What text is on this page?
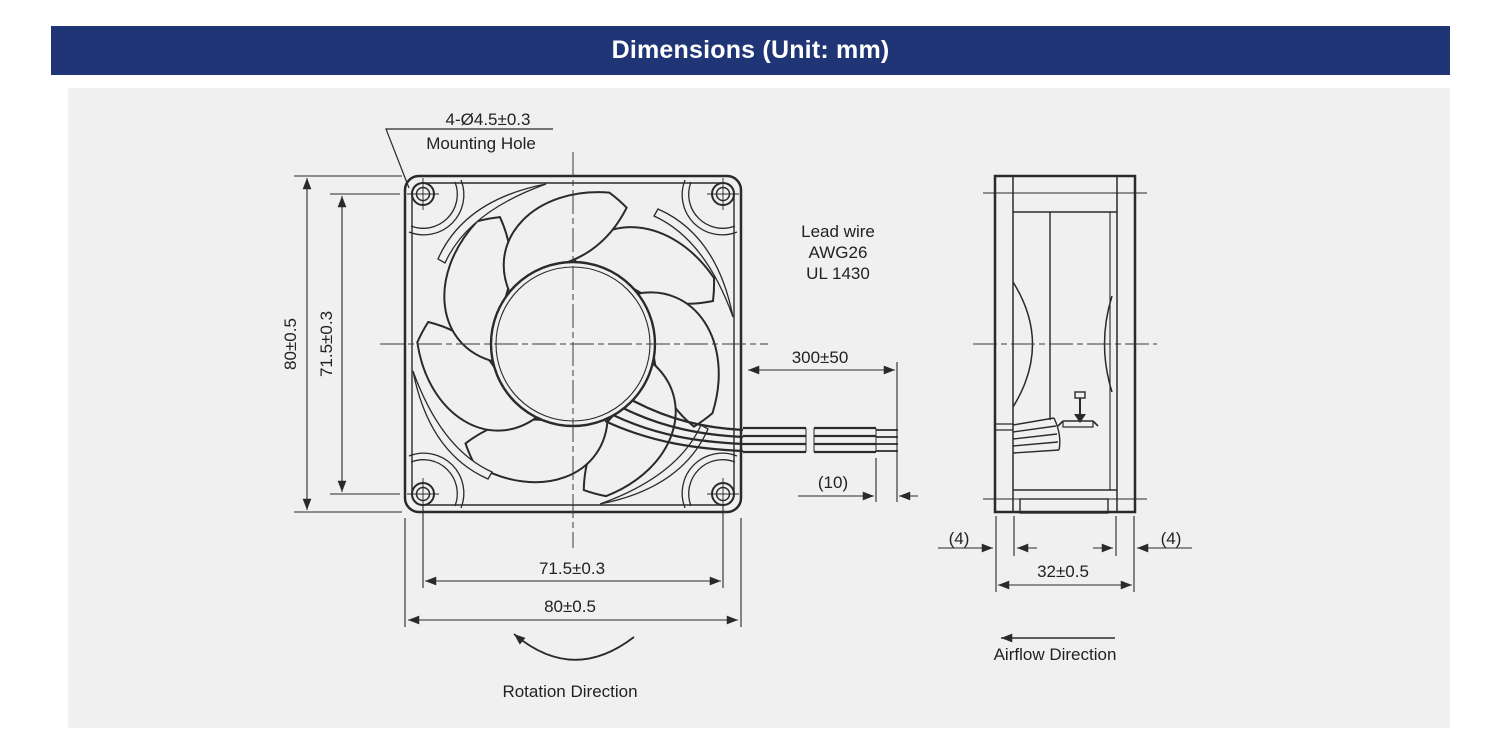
Dimensions (Unit: mm)
4-Ø4.5±0.3
Mounting Hole
80±0.5 71.5±0.3
71.5±0.3
80±0.5
Rotation Direction
Lead wire
AWG26
UL 1430
300±50
(10)
(4)	(4)
32±0.5
Airflow Direction
